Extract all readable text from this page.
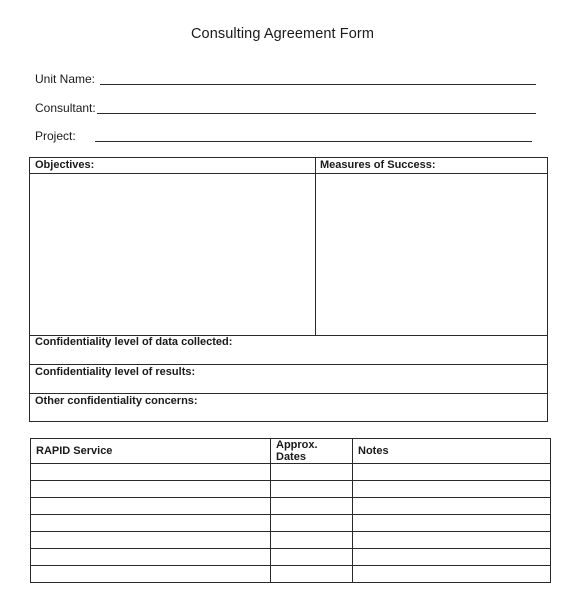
Consulting Agreement Form
Unit Name:
Consultant:
Project:
Objectives:	Measures of Success:
Confidentiality level of data collected:
Confidentiality level of results:
Other confidentiality concerns:
RAPID Service	Approx. Dates	Notes
